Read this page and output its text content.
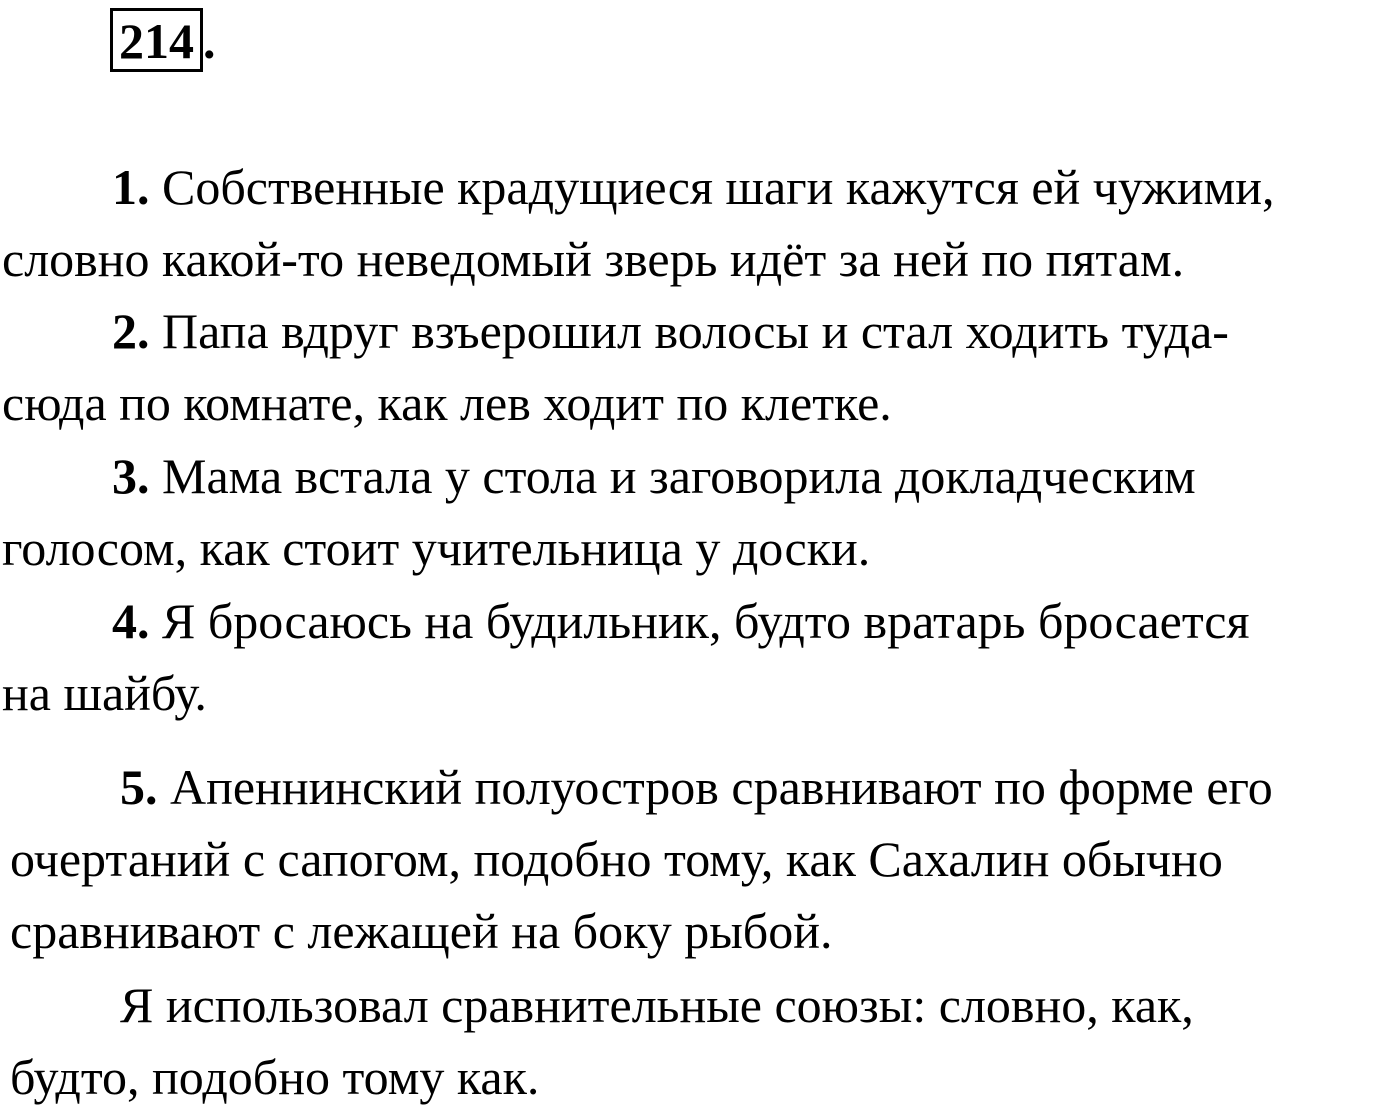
214 .
1. Собственные крадущиеся шаги кажутся ей чужими,
словно какой-то неведомый зверь идёт за ней по пятам.
2. Папа вдруг взъерошил волосы и стал ходить туда-
сюда по комнате, как лев ходит по клетке.
3. Мама встала у стола и заговорила докладческим
голосом, как стоит учительница у доски.
4. Я бросаюсь на будильник, будто вратарь бросается
на шайбу.
5. Апеннинский полуостров сравнивают по форме его
очертаний с сапогом, подобно тому, как Сахалин обычно
сравнивают с лежащей на боку рыбой.
Я использовал сравнительные союзы: словно, как,
будто, подобно тому как.
